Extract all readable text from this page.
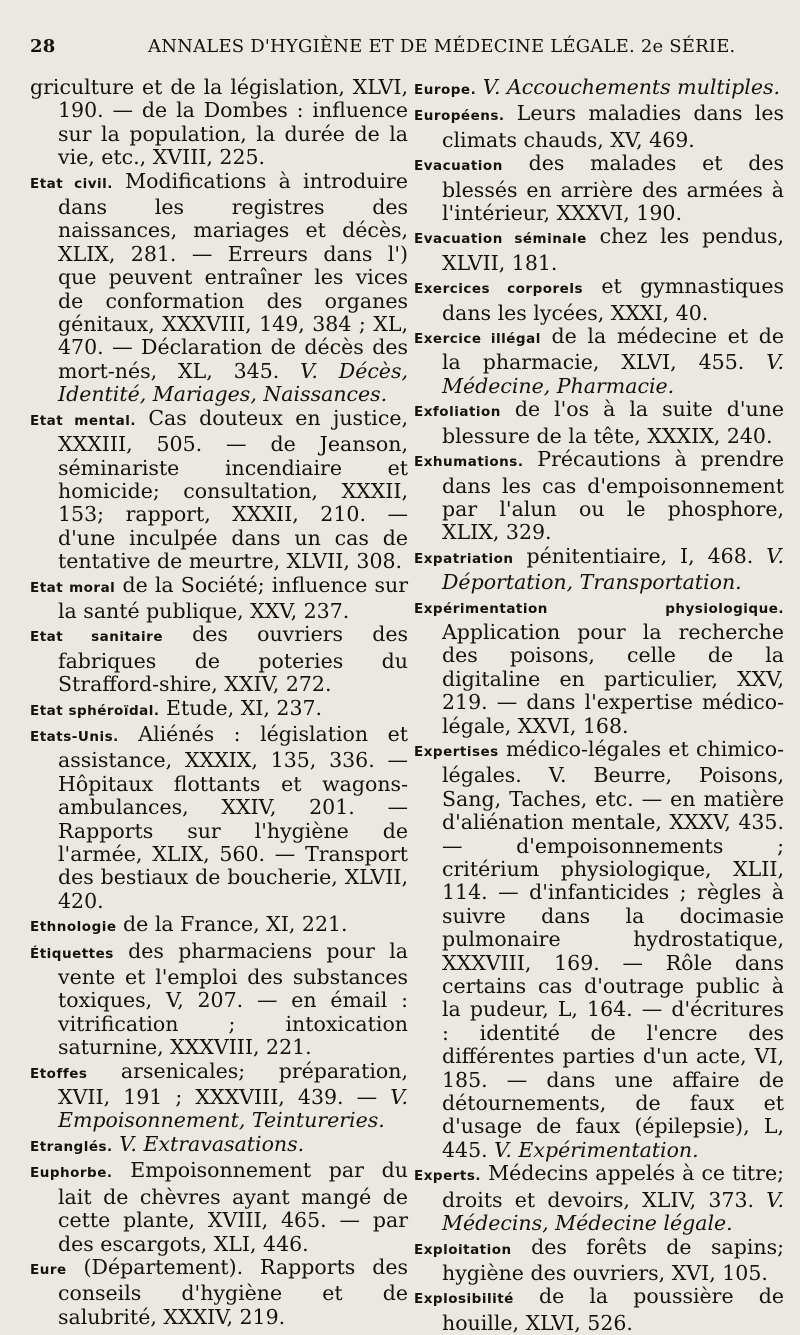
28	ANNALES D'HYGIÈNE ET DE MÉDECINE LÉGALE. 2e SÉRIE.
griculture et de la législation, XLVI, 190. — de la Dombes : influence sur la population, la durée de la vie, etc., XVIII, 225.
Etat civil. Modifications à introduire dans les registres des naissances, mariages et décès, XLIX, 281. — Erreurs dans l') que peuvent entraîner les vices de conformation des organes génitaux, XXXVIII, 149, 384 ; XL, 470. — Déclaration de décès des mort-nés, XL, 345. V. Décès, Identité, Mariages, Naissances.
Etat mental. Cas douteux en justice, XXXIII, 505. — de Jeanson, séminariste incendiaire et homicide; consultation, XXXII, 153; rapport, XXXII, 210. — d'une inculpée dans un cas de tentative de meurtre, XLVII, 308.
Etat moral de la Société; influence sur la santé publique, XXV, 237.
Etat sanitaire des ouvriers des fabriques de poteries du Strafford-shire, XXIV, 272.
Etat sphéroïdal. Etude, XI, 237.
Etats-Unis. Aliénés : législation et assistance, XXXIX, 135, 336. — Hôpitaux flottants et wagons-ambulances, XXIV, 201. — Rapports sur l'hygiène de l'armée, XLIX, 560. — Transport des bestiaux de boucherie, XLVII, 420.
Ethnologie de la France, XI, 221.
Étiquettes des pharmaciens pour la vente et l'emploi des substances toxiques, V, 207. — en émail : vitrification ; intoxication saturnine, XXXVIII, 221.
Etoffes arsenicales; préparation, XVII, 191 ; XXXVIII, 439. — V. Empoisonnement, Teintureries.
Etranglés. V. Extravasations.
Euphorbe. Empoisonnement par du lait de chèvres ayant mangé de cette plante, XVIII, 465. — par des escargots, XLI, 446.
Eure (Département). Rapports des conseils d'hygiène et de salubrité, XXXIV, 219.
Europe. V. Accouchements multiples.
Européens. Leurs maladies dans les climats chauds, XV, 469.
Evacuation des malades et des blessés en arrière des armées à l'intérieur, XXXVI, 190.
Evacuation séminale chez les pendus, XLVII, 181.
Exercices corporels et gymnastiques dans les lycées, XXXI, 40.
Exercice illégal de la médecine et de la pharmacie, XLVI, 455. V. Médecine, Pharmacie.
Exfoliation de l'os à la suite d'une blessure de la tête, XXXIX, 240.
Exhumations. Précautions à prendre dans les cas d'empoisonnement par l'alun ou le phosphore, XLIX, 329.
Expatriation pénitentiaire, I, 468. V. Déportation, Transportation.
Expérimentation physiologique. Application pour la recherche des poisons, celle de la digitaline en particulier, XXV, 219. — dans l'expertise médico-légale, XXVI, 168.
Expertises médico-légales et chimico-légales. V. Beurre, Poisons, Sang, Taches, etc. — en matière d'aliénation mentale, XXXV, 435. — d'empoisonnements ; critérium physiologique, XLII, 114. — d'infanticides ; règles à suivre dans la docimasie pulmonaire hydrostatique, XXXVIII, 169. — Rôle dans certains cas d'outrage public à la pudeur, L, 164. — d'écritures : identité de l'encre des différentes parties d'un acte, VI, 185. — dans une affaire de détournements, de faux et d'usage de faux (épilepsie), L, 445. V. Expérimentation.
Experts. Médecins appelés à ce titre; droits et devoirs, XLIV, 373. V. Médecins, Médecine légale.
Exploitation des forêts de sapins; hygiène des ouvriers, XVI, 105.
Explosibilité de la poussière de houille, XLVI, 526.
